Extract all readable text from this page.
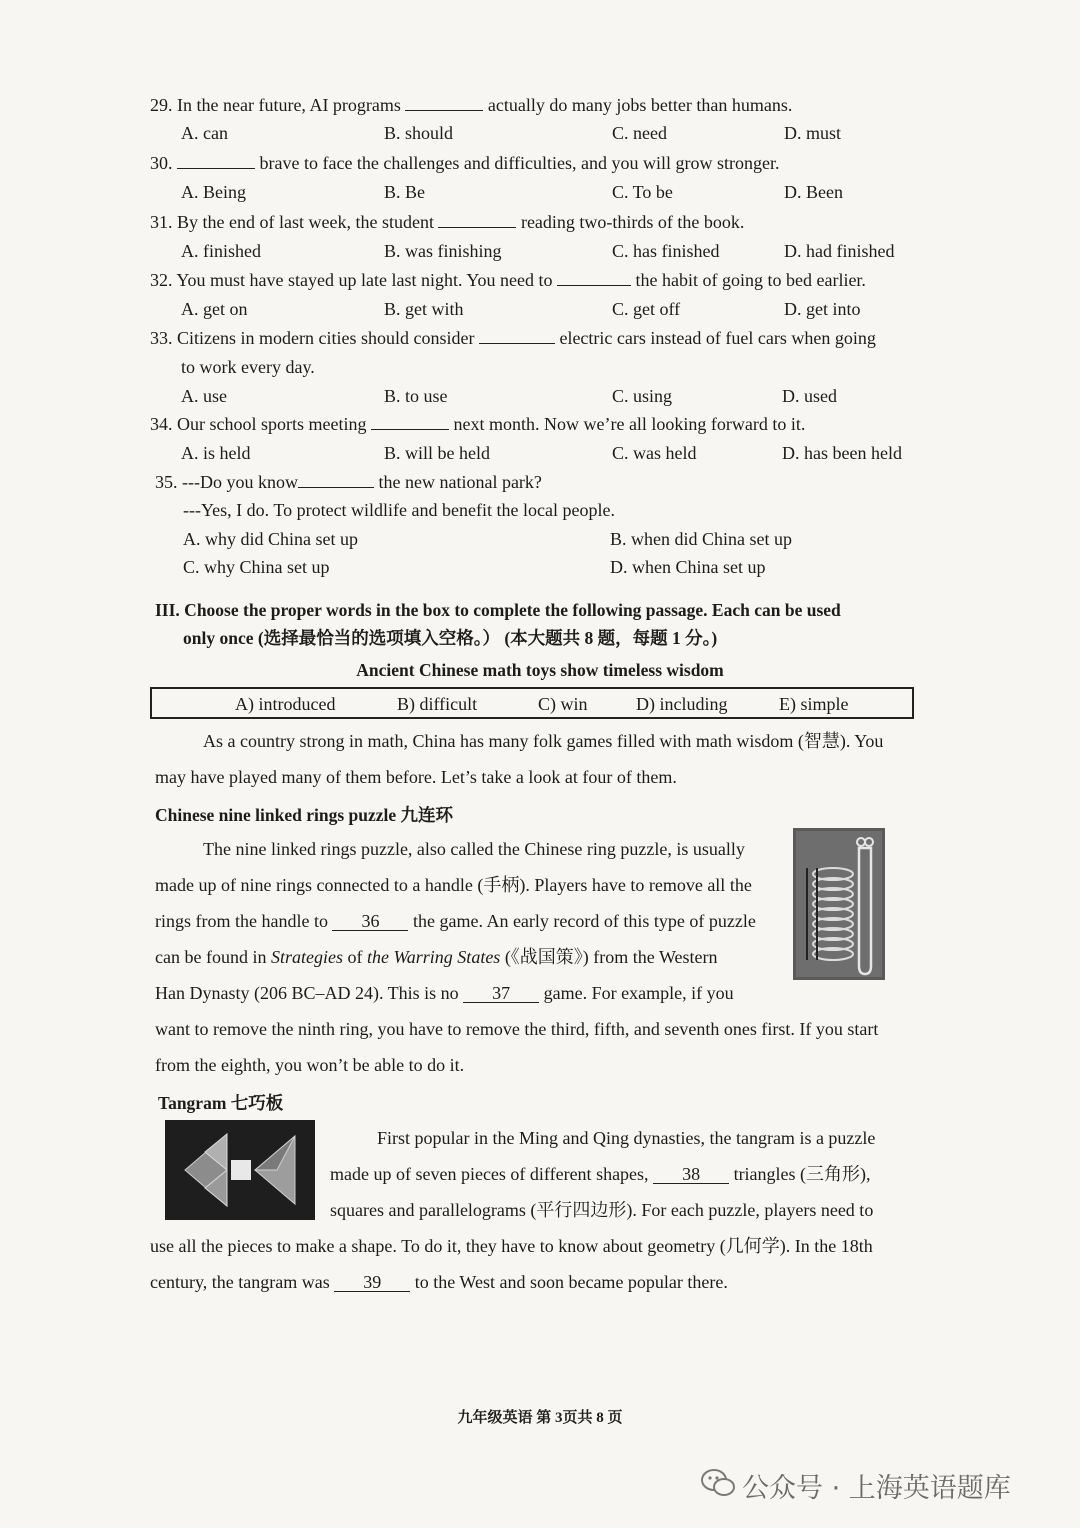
29. In the near future, AI programs	actually do many jobs better than humans.
A. can	B. should	C. need	D. must
30.	brave to face the challenges and difficulties, and you will grow stronger.
A. Being	B. Be	C. To be	D. Been
31. By the end of last week, the student	reading two-thirds of the book.
A. finished	B. was finishing	C. has finished	D. had finished
32. You must have stayed up late last night. You need to	the habit of going to bed earlier.
A. get on	B. get with	C. get off	D. get into
33. Citizens in modern cities should consider	electric cars instead of fuel cars when going
to work every day.
A. use	B. to use	C. using	D. used
34. Our school sports meeting	next month. Now we’re all looking forward to it.
A. is held	B. will be held	C. was held	D. has been held
35. ---Do you know	the new national park?
---Yes, I do. To protect wildlife and benefit the local people.
A. why did China set up	B. when did China set up
C. why China set up	D. when China set up
III. Choose the proper words in the box to complete the following passage. Each can be used
only once (选择最恰当的选项填入空格。） (本大题共 8 题，每题 1 分。)
Ancient Chinese math toys show timeless wisdom
A) introduced	B) difficult	C) win	D) including	E) simple
As a country strong in math, China has many folk games filled with math wisdom (智慧). You
may have played many of them before. Let’s take a look at four of them.
Chinese nine linked rings puzzle 九连环
The nine linked rings puzzle, also called the Chinese ring puzzle, is usually
made up of nine rings connected to a handle (手柄). Players have to remove all the
rings from the handle to 36 the game. An early record of this type of puzzle
can be found in Strategies of the Warring States (《战国策》) from the Western
Han Dynasty (206 BC–AD 24). This is no 37 game. For example, if you
want to remove the ninth ring, you have to remove the third, fifth, and seventh ones first. If you start
from the eighth, you won’t be able to do it.
Tangram 七巧板
First popular in the Ming and Qing dynasties, the tangram is a puzzle
made up of seven pieces of different shapes, 38 triangles (三角形),
squares and parallelograms (平行四边形). For each puzzle, players need to
use all the pieces to make a shape. To do it, they have to know about geometry (几何学). In the 18th
century, the tangram was 39 to the West and soon became popular there.
九年级英语 第 3页共 8 页
公众号 · 上海英语题库
